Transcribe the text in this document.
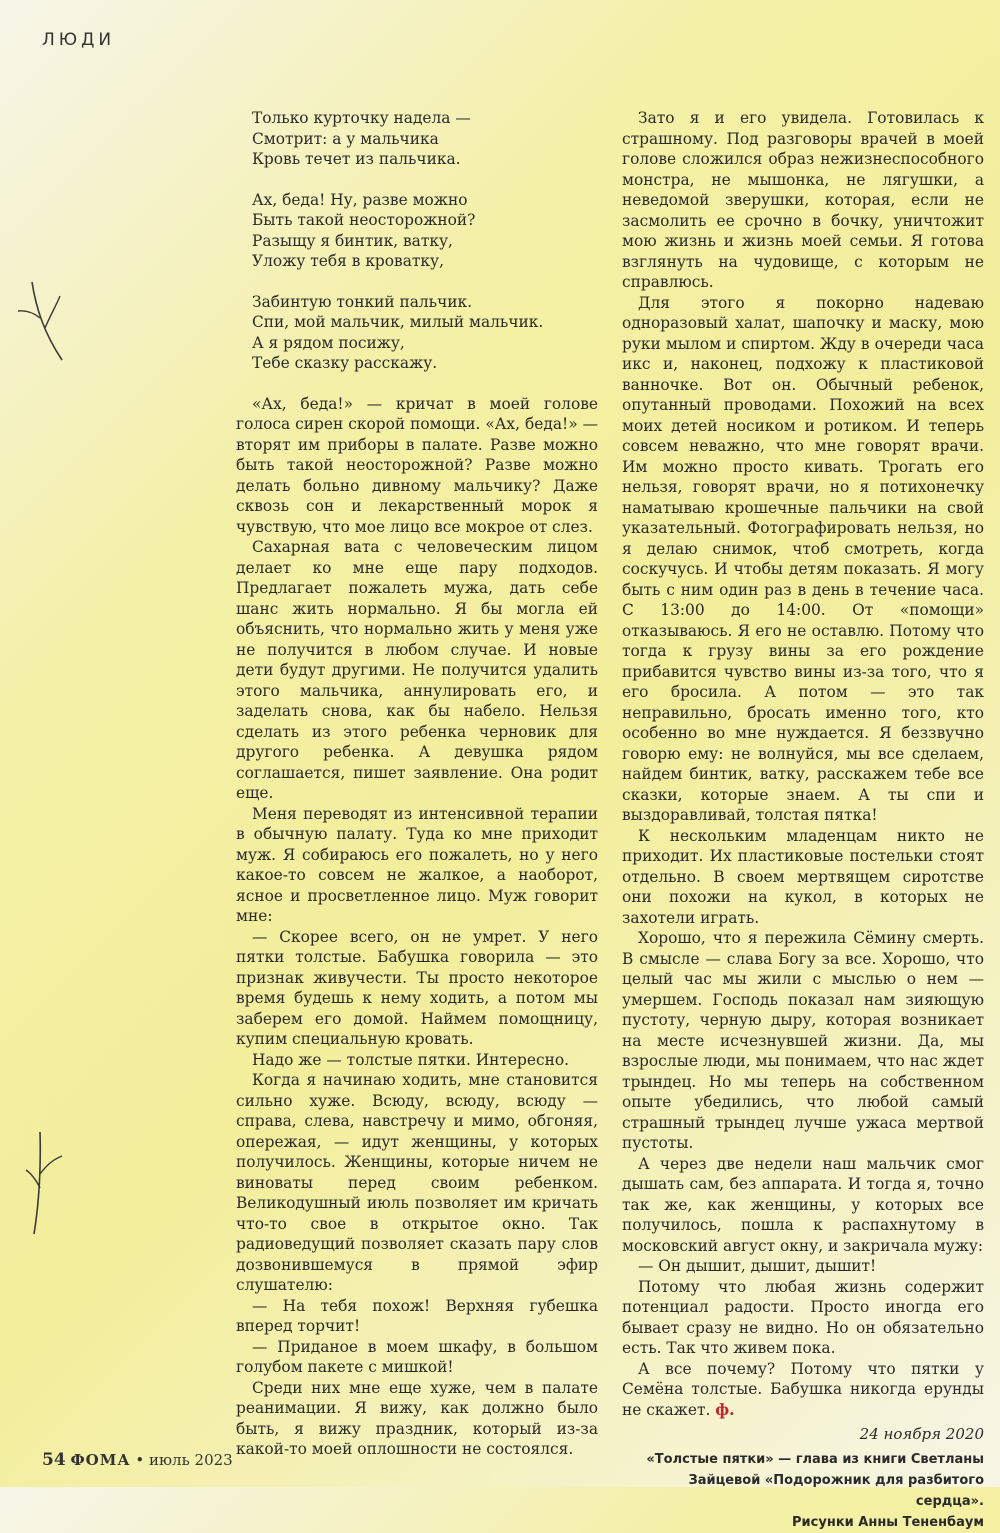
ЛЮДИ
Только курточку надела —
Смотрит: а у мальчика
Кровь течет из пальчика.
Ах, беда! Ну, разве можно
Быть такой неосторожной?
Разыщу я бинтик, ватку,
Уложу тебя в кроватку,
Забинтую тонкий пальчик.
Спи, мой мальчик, милый мальчик.
А я рядом посижу,
Тебе сказку расскажу.

«Ах, беда!» — кричат в моей голове голоса сирен скорой помощи. «Ах, беда!» — вторят им приборы в палате. Разве можно быть такой неосторожной? Разве можно делать больно дивному мальчику? Даже сквозь сон и лекарственный морок я чувствую, что мое лицо все мокрое от слез.

Сахарная вата с человеческим лицом делает ко мне еще пару подходов. Предлагает пожалеть мужа, дать себе шанс жить нормально. Я бы могла ей объяснить, что нормально жить у меня уже не получится в любом случае. И новые дети будут другими. Не получится удалить этого мальчика, аннулировать его, и заделать снова, как бы набело. Нельзя сделать из этого ребенка черновик для другого ребенка. А девушка рядом соглашается, пишет заявление. Она родит еще.

Меня переводят из интенсивной терапии в обычную палату. Туда ко мне приходит муж. Я собираюсь его пожалеть, но у него какое-то совсем не жалкое, а наоборот, ясное и просветленное лицо. Муж говорит мне:

— Скорее всего, он не умрет. У него пятки толстые. Бабушка говорила — это признак живучести. Ты просто некоторое время будешь к нему ходить, а потом мы заберем его домой. Наймем помощницу, купим специальную кровать.

Надо же — толстые пятки. Интересно.

Когда я начинаю ходить, мне становится сильно хуже. Всюду, всюду, всюду — справа, слева, навстречу и мимо, обгоняя, опережая, — идут женщины, у которых получилось. Женщины, которые ничем не виноваты перед своим ребенком. Великодушный июль позволяет им кричать что-то свое в открытое окно. Так радиоведущий позволяет сказать пару слов дозвонившемуся в прямой эфир слушателю:

— На тебя похож! Верхняя губешка вперед торчит!

— Приданое в моем шкафу, в большом голубом пакете с мишкой!

Среди них мне еще хуже, чем в палате реанимации. Я вижу, как должно было быть, я вижу праздник, который из-за какой-то моей оплошности не состоялся.

Зато я и его увидела. Готовилась к страшному. Под разговоры врачей в моей голове сложился образ нежизнеспособного монстра, не мышонка, не лягушки, а неведомой зверушки, которая, если не засмолить ее срочно в бочку, уничтожит мою жизнь и жизнь моей семьи. Я готова взглянуть на чудовище, с которым не справлюсь.

Для этого я покорно надеваю одноразовый халат, шапочку и маску, мою руки мылом и спиртом. Жду в очереди часа икс и, наконец, подхожу к пластиковой ванночке. Вот он. Обычный ребенок, опутанный проводами. Похожий на всех моих детей носиком и ротиком. И теперь совсем неважно, что мне говорят врачи. Им можно просто кивать. Трогать его нельзя, говорят врачи, но я потихонечку наматываю крошечные пальчики на свой указательный. Фотографировать нельзя, но я делаю снимок, чтоб смотреть, когда соскучусь. И чтобы детям показать. Я могу быть с ним один раз в день в течение часа. С 13:00 до 14:00. От «помощи» отказываюсь. Я его не оставлю. Потому что тогда к грузу вины за его рождение прибавится чувство вины из-за того, что я его бросила. А потом — это так неправильно, бросать именно того, кто особенно во мне нуждается. Я беззвучно говорю ему: не волнуйся, мы все сделаем, найдем бинтик, ватку, расскажем тебе все сказки, которые знаем. А ты спи и выздоравливай, толстая пятка!

К нескольким младенцам никто не приходит. Их пластиковые постельки стоят отдельно. В своем мертвящем сиротстве они похожи на кукол, в которых не захотели играть.

Хорошо, что я пережила Сёмину смерть. В смысле — слава Богу за все. Хорошо, что целый час мы жили с мыслью о нем — умершем. Господь показал нам зияющую пустоту, черную дыру, которая возникает на месте исчезнувшей жизни. Да, мы взрослые люди, мы понимаем, что нас ждет трындец. Но мы теперь на собственном опыте убедились, что любой самый страшный трындец лучше ужаса мертвой пустоты.

А через две недели наш мальчик смог дышать сам, без аппарата. И тогда я, точно так же, как женщины, у которых все получилось, пошла к распахнутому в московский август окну, и закричала мужу:

— Он дышит, дышит, дышит!

Потому что любая жизнь содержит потенциал радости. Просто иногда его бывает сразу не видно. Но он обязательно есть. Так что живем пока.

А все почему? Потому что пятки у Семёна толстые. Бабушка никогда ерунды не скажет. ф.

24 ноября 2020
«Толстые пятки» — глава из книги Светланы
Зайцевой «Подорожник для разбитого сердца».
Рисунки Анны Тененбаум
54 ФОМА • июль 2023
